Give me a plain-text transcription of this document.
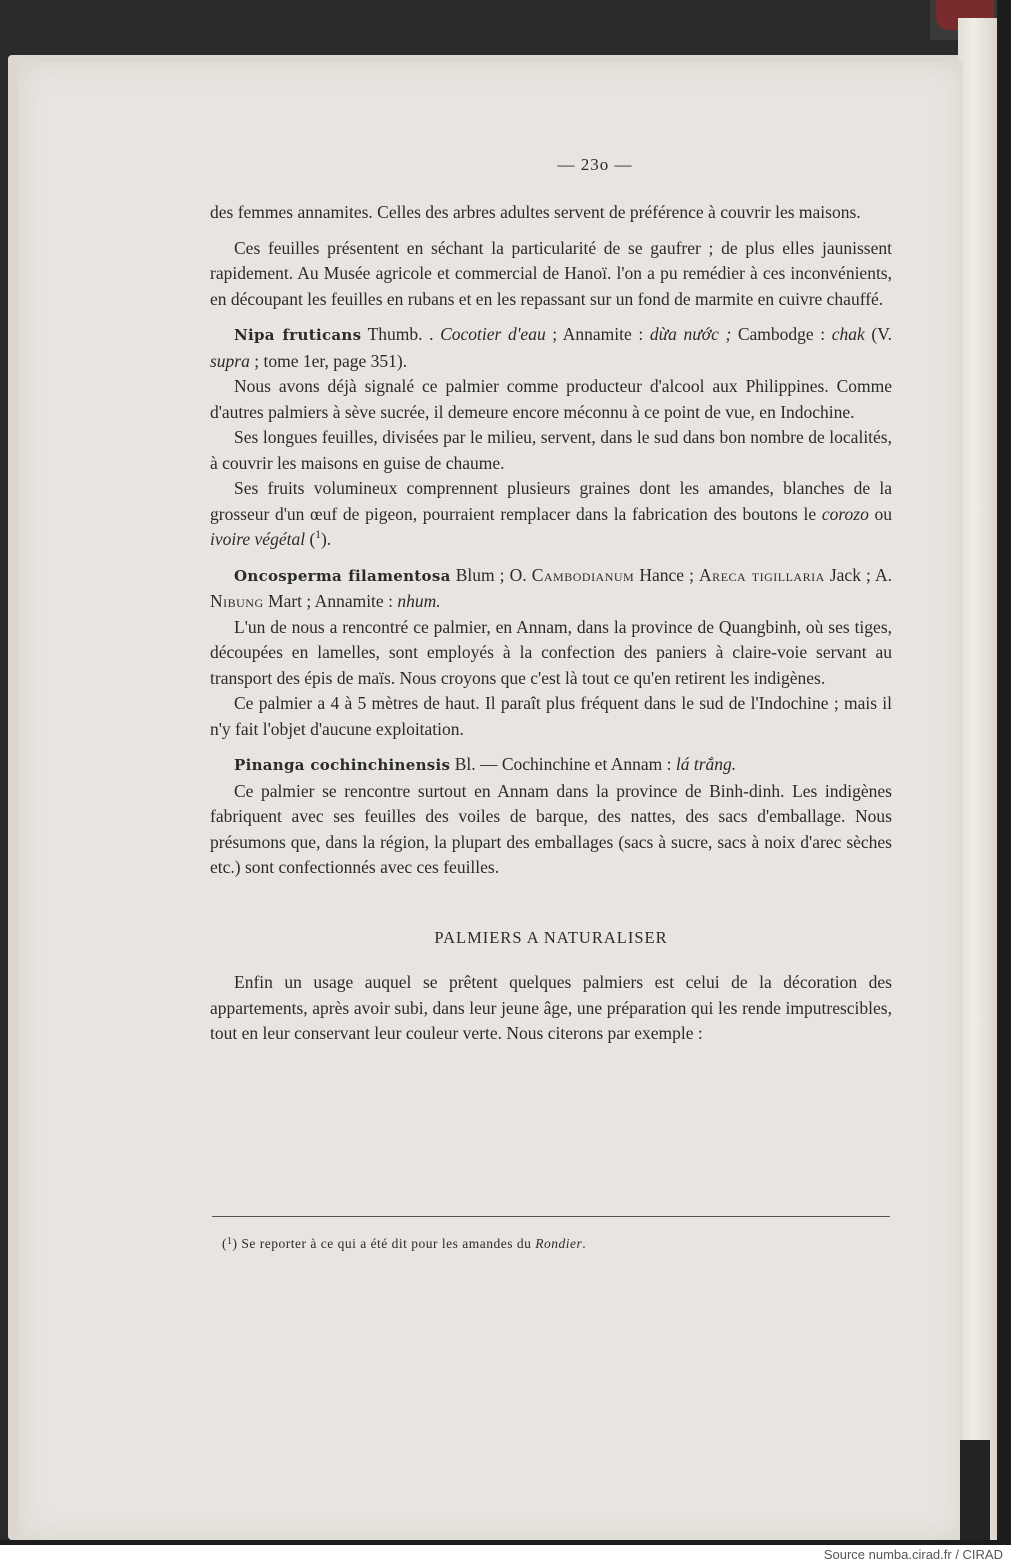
— 23o —

des femmes annamites. Celles des arbres adultes servent de préférence à couvrir les maisons.

Ces feuilles présentent en séchant la particularité de se gaufrer ; de plus elles jaunissent rapidement. Au Musée agricole et commercial de Hanoï. l'on a pu remédier à ces inconvénients, en découpant les feuilles en rubans et en les repassant sur un fond de marmite en cuivre chauffé.

Nipa fruticans Thumb. . Cocotier d'eau ; Annamite : dừa nước ; Cambodge : chak (V. supra ; tome 1er, page 351).

Nous avons déjà signalé ce palmier comme producteur d'alcool aux Philippines. Comme d'autres palmiers à sève sucrée, il demeure encore méconnu à ce point de vue, en Indochine.

Ses longues feuilles, divisées par le milieu, servent, dans le sud dans bon nombre de localités, à couvrir les maisons en guise de chaume.

Ses fruits volumineux comprennent plusieurs graines dont les amandes, blanches de la grosseur d'un œuf de pigeon, pourraient remplacer dans la fabrication des boutons le corozo ou ivoire végétal ($^1$).

Oncosperma filamentosa Blum ; O. Cambodianum Hance ; Areca tigillaria Jack ; A. Nibung Mart ; Annamite : nhum.

L'un de nous a rencontré ce palmier, en Annam, dans la province de Quangbinh, où ses tiges, découpées en lamelles, sont employés à la confection des paniers à claire-voie servant au transport des épis de maïs. Nous croyons que c'est là tout ce qu'en retirent les indigènes.

Ce palmier a 4 à 5 mètres de haut. Il paraît plus fréquent dans le sud de l'Indochine ; mais il n'y fait l'objet d'aucune exploitation.

Pinanga cochinchinensis Bl. — Cochinchine et Annam : lá trắng.

Ce palmier se rencontre surtout en Annam dans la province de Binh-dinh. Les indigènes fabriquent avec ses feuilles des voiles de barque, des nattes, des sacs d'emballage. Nous présumons que, dans la région, la plupart des emballages (sacs à sucre, sacs à noix d'arec sèches etc.) sont confectionnés avec ces feuilles.

PALMIERS A NATURALISER

Enfin un usage auquel se prêtent quelques palmiers est celui de la décoration des appartements, après avoir subi, dans leur jeune âge, une préparation qui les rende imputrescibles, tout en leur conservant leur couleur verte. Nous citerons par exemple :

($^1$) Se reporter à ce qui a été dit pour les amandes du Rondier.
Source numba.cirad.fr / CIRAD
